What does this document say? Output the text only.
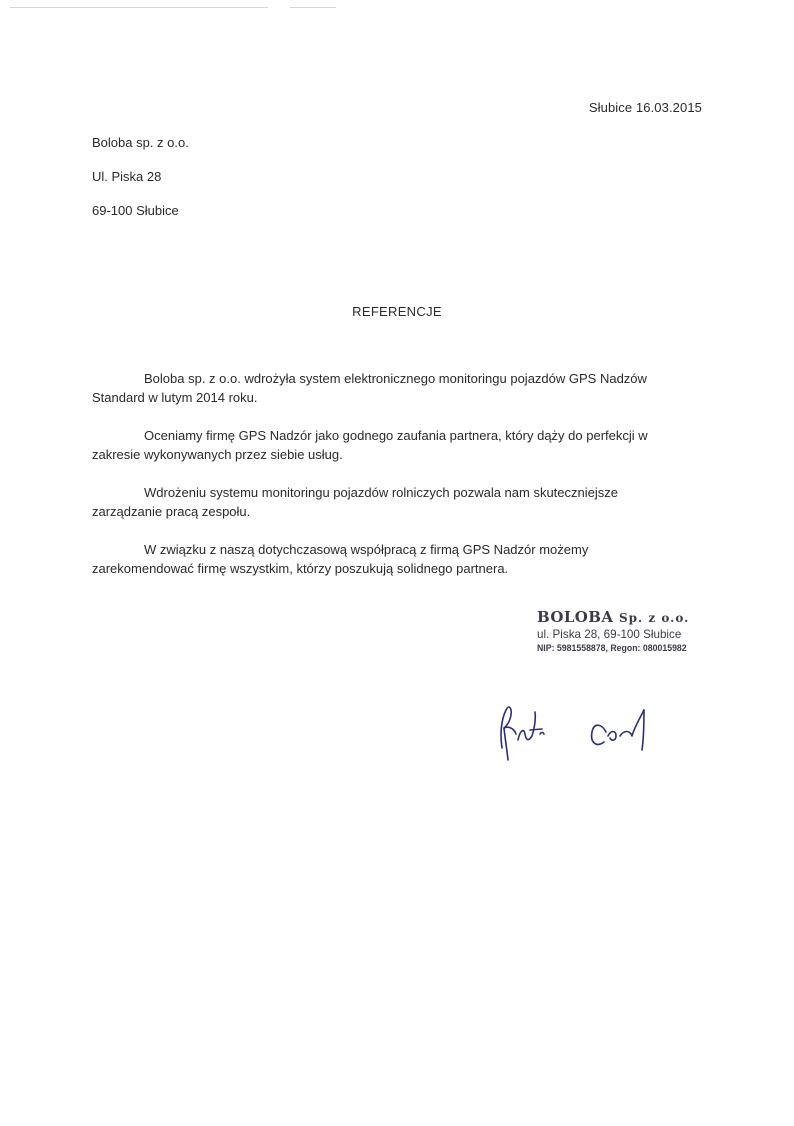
Słubice 16.03.2015
Boloba sp. z o.o.
Ul. Piska 28
69-100 Słubice
REFERENCJE

Boloba sp. z o.o. wdrożyła system elektronicznego monitoringu pojazdów GPS Nadzów Standard w lutym 2014 roku.

Oceniamy firmę GPS Nadzór jako godnego zaufania partnera, który dąży do perfekcji w zakresie wykonywanych przez siebie usług.

Wdrożeniu systemu monitoringu pojazdów rolniczych pozwala nam skuteczniejsze zarządzanie pracą zespołu.

W związku z naszą dotychczasową współpracą z firmą GPS Nadzór możemy zarekomendować firmę wszystkim, którzy poszukują solidnego partnera.

BOLOBA Sp. z o.o.
ul. Piska 28, 69-100 Słubice
NIP: 5981558878, Regon: 080015982
